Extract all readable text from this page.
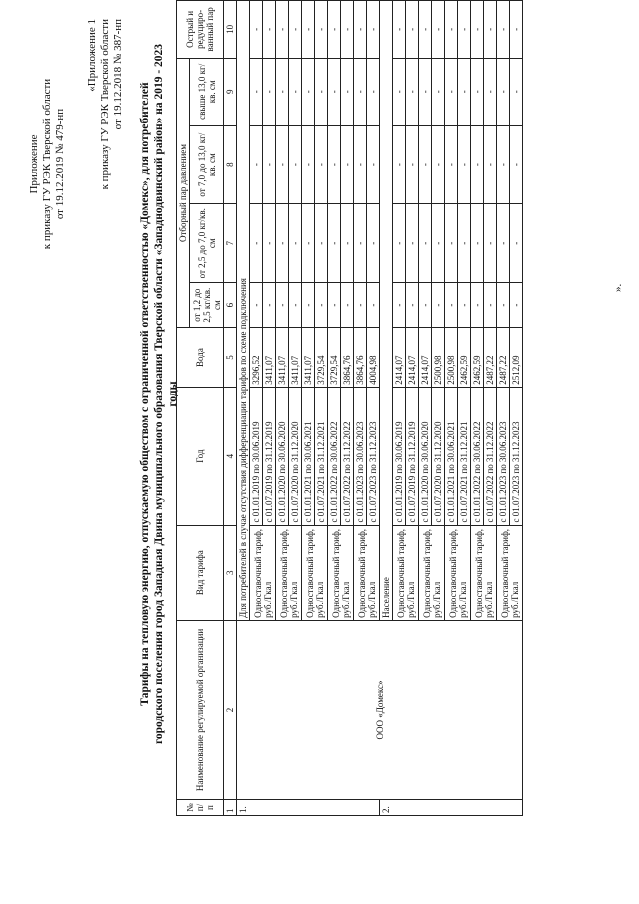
Приложение к приказу ГУ РЭК Тверской области от 19.12.2019 № 479-нп
«Приложение 1 к приказу ГУ РЭК Тверской области от 19.12.2018 № 387-нп
Тарифы на тепловую энергию, отпускаемую обществом с ограниченной ответственностью «Домекс», для потребителей городского поселения город Западная Двина муниципального образования Тверской области «Западнодвинский район» на 2019 - 2023 годы
№ п/ п	Наименование регулируемой организации	Вид тарифа	Год	Вода	Отборный пар давлением				Острый и редуциро-ванный пар
					от 1,2 до 2,5 кг/кв. см	от 2,5 до 7,0 кг/кв. см	от 7,0 до 13,0 кг/кв. см	свыше 13,0 кг/кв. см	
1	2	3	4	5	6	7	8	9	10
1.	ООО «Домекс»	Для потребителей в случае отсутствия дифференциации тарифов по схеме подключения							
		Одноставочный тариф, руб./Гкал	с 01.01.2019 по 30.06.2019	3296,52	-	-	-	-	-
			с 01.07.2019 по 31.12.2019	3411,07	-	-	-	-	-
		Одноставочный тариф, руб./Гкал	с 01.01.2020 по 30.06.2020	3411,07	-	-	-	-	-
			с 01.07.2020 по 31.12.2020	3411,07	-	-	-	-	-
		Одноставочный тариф, руб./Гкал	с 01.01.2021 по 30.06.2021	3411,07	-	-	-	-	-
			с 01.07.2021 по 31.12.2021	3729,54	-	-	-	-	-
		Одноставочный тариф, руб./Гкал	с 01.01.2022 по 30.06.2022	3729,54	-	-	-	-	-
			с 01.07.2022 по 31.12.2022	3864,76	-	-	-	-	-
		Одноставочный тариф, руб./Гкал	с 01.01.2023 по 30.06.2023	3864,76	-	-	-	-	-
			с 01.07.2023 по 31.12.2023	4004,98	-	-	-	-	-
2.		Население							
		Одноставочный тариф, руб./Гкал	с 01.01.2019 по 30.06.2019	2414,07	-	-	-	-	-
			с 01.07.2019 по 31.12.2019	2414,07	-	-	-	-	-
		Одноставочный тариф, руб./Гкал	с 01.01.2020 по 30.06.2020	2414,07	-	-	-	-	-
			с 01.07.2020 по 31.12.2020	2500,98	-	-	-	-	-
		Одноставочный тариф, руб./Гкал	с 01.01.2021 по 30.06.2021	2500,98	-	-	-	-	-
			с 01.07.2021 по 31.12.2021	2462,59	-	-	-	-	-
		Одноставочный тариф, руб./Гкал	с 01.01.2022 по 30.06.2022	2462,59	-	-	-	-	-
			с 01.07.2022 по 31.12.2022	2487,22	-	-	-	-	-
		Одноставочный тариф, руб./Гкал	с 01.01.2023 по 30.06.2023	2487,22	-	-	-	-	-
			с 01.07.2023 по 31.12.2023	2512,09	-	-	-	-	-
».
